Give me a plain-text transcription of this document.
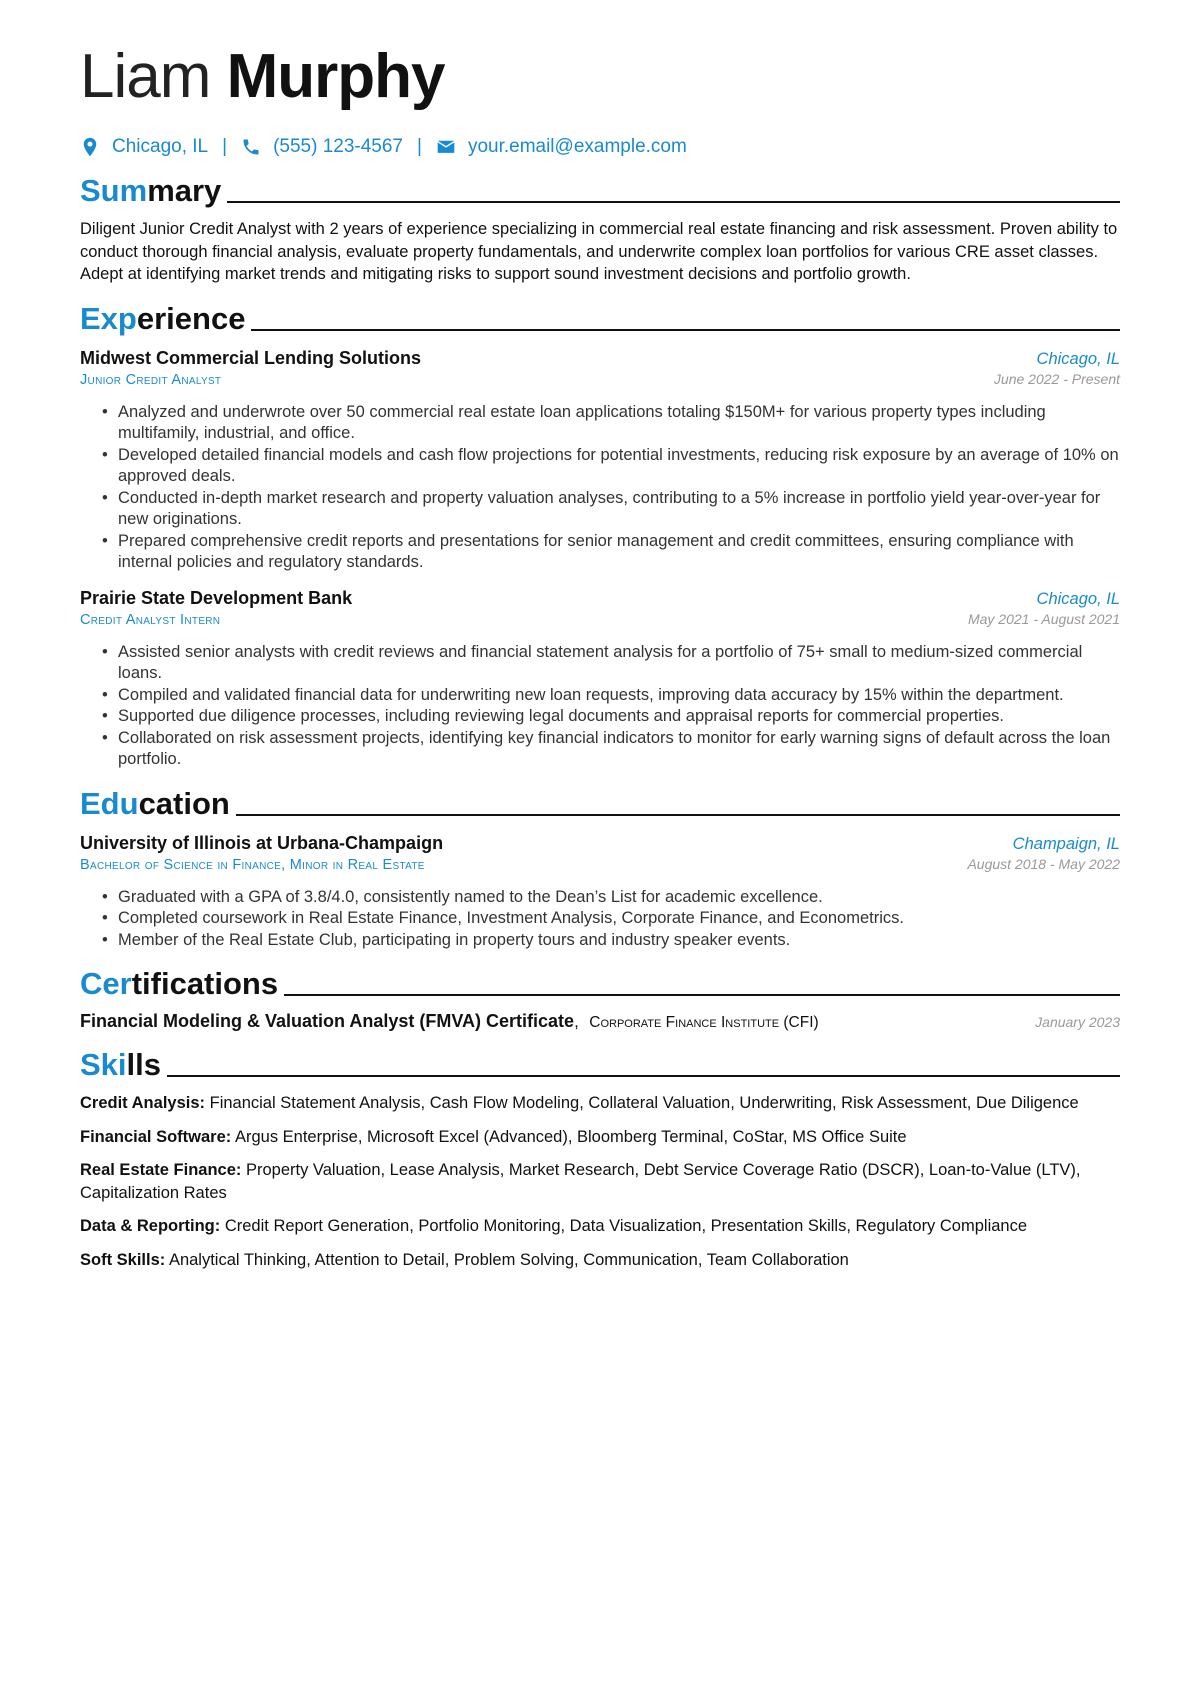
Liam Murphy
Chicago, IL | (555) 123-4567 | your.email@example.com
Summary

Diligent Junior Credit Analyst with 2 years of experience specializing in commercial real estate financing and risk assessment. Proven ability to conduct thorough financial analysis, evaluate property fundamentals, and underwrite complex loan portfolios for various CRE asset classes. Adept at identifying market trends and mitigating risks to support sound investment decisions and portfolio growth.

Experience
Midwest Commercial Lending Solutions	Chicago, IL
Junior Credit Analyst	June 2022 - Present
• Analyzed and underwrote over 50 commercial real estate loan applications totaling $150M+ for various property types including multifamily, industrial, and office.
• Developed detailed financial models and cash flow projections for potential investments, reducing risk exposure by an average of 10% on approved deals.
• Conducted in-depth market research and property valuation analyses, contributing to a 5% increase in portfolio yield year-over-year for new originations.
• Prepared comprehensive credit reports and presentations for senior management and credit committees, ensuring compliance with internal policies and regulatory standards.
Prairie State Development Bank	Chicago, IL
Credit Analyst Intern	May 2021 - August 2021
• Assisted senior analysts with credit reviews and financial statement analysis for a portfolio of 75+ small to medium-sized commercial loans.
• Compiled and validated financial data for underwriting new loan requests, improving data accuracy by 15% within the department.
• Supported due diligence processes, including reviewing legal documents and appraisal reports for commercial properties.
• Collaborated on risk assessment projects, identifying key financial indicators to monitor for early warning signs of default across the loan portfolio.
Education
University of Illinois at Urbana-Champaign	Champaign, IL
Bachelor of Science in Finance, Minor in Real Estate	August 2018 - May 2022
• Graduated with a GPA of 3.8/4.0, consistently named to the Dean’s List for academic excellence.
• Completed coursework in Real Estate Finance, Investment Analysis, Corporate Finance, and Econometrics.
• Member of the Real Estate Club, participating in property tours and industry speaker events.
Certifications
Financial Modeling & Valuation Analyst (FMVA) Certificate, Corporate Finance Institute (CFI)	January 2023
Skills
Credit Analysis: Financial Statement Analysis, Cash Flow Modeling, Collateral Valuation, Underwriting, Risk Assessment, Due Diligence
Financial Software: Argus Enterprise, Microsoft Excel (Advanced), Bloomberg Terminal, CoStar, MS Office Suite
Real Estate Finance: Property Valuation, Lease Analysis, Market Research, Debt Service Coverage Ratio (DSCR), Loan-to-Value (LTV), Capitalization Rates
Data & Reporting: Credit Report Generation, Portfolio Monitoring, Data Visualization, Presentation Skills, Regulatory Compliance
Soft Skills: Analytical Thinking, Attention to Detail, Problem Solving, Communication, Team Collaboration
